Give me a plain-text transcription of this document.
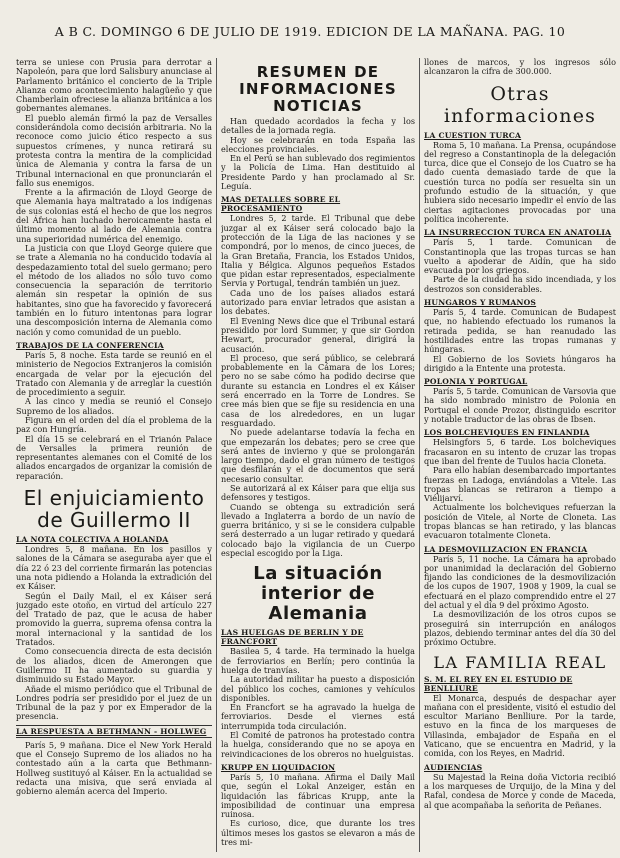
A B C. DOMINGO 6 DE JULIO DE 1919. EDICION DE LA MAÑANA. PAG. 10

terra se uniese con Prusia para derrotar a Napoleón, para que lord Salisbury anunciase al Parlamento británico el concierto de la Triple Alianza como acontecimiento halagüeño y que Chamberlain ofreciese la alianza británica a los gobernantes alemanes.

El pueblo alemán firmó la paz de Versalles considerándola como decisión arbitraria. No la reconoce como juicio ético respecto a sus supuestos crímenes, y nunca retirará su protesta contra la mentira de la complicidad única de Alemania y contra la farsa de un Tribunal internacional en que pronunciarán el fallo sus enemigos.

Frente a la afirmación de Lloyd George de que Alemania haya maltratado a los indígenas de sus colonias está el hecho de que los negros del África han luchado heroicamente hasta el último momento al lado de Alemania contra una superioridad numérica del enemigo.

La justicia con que Lloyd George quiere que se trate a Alemania no ha conducido todavía al despedazamiento total del suelo germano; pero el método de los aliados no sólo tuvo como consecuencia la separación de territorio alemán sin respetar la opinión de sus habitantes, sino que ha favorecido y favorecerá también en lo futuro intentonas para lograr una descomposición interna de Alemania como nación y como comunidad de un pueblo.

TRABAJOS DE LA CONFERENCIA

París 5, 8 noche. Esta tarde se reunió en el ministerio de Negocios Extranjeros la comisión encargada de velar por la ejecución del Tratado con Alemania y de arreglar la cuestión de procedimiento a seguir.

A las cinco y media se reunió el Consejo Supremo de los aliados.

Figura en el orden del día el problema de la paz con Hungría.

El día 15 se celebrará en el Trianón Palace de Versalles la primera reunión de representantes alemanes con el Comité de los aliados encargados de organizar la comisión de reparación.

El enjuiciamiento de Guillermo II
LA NOTA COLECTIVA A HOLANDA

Londres 5, 8 mañana. En los pasillos y salones de la Cámara se aseguraba ayer que el día 22 ó 23 del corriente firmarán las potencias una nota pidiendo a Holanda la extradición del ex Káiser.

Según el Daily Mail, el ex Káiser será juzgado este otoño, en virtud del artículo 227 del Tratado de paz, que le acusa de haber promovido la guerra, suprema ofensa contra la moral internacional y la santidad de los Tratados.

Como consecuencia directa de esta decisión de los aliados, dicen de Amerongen que Guillermo II ha aumentado su guardia y disminuido su Estado Mayor.

Añade el mismo periódico que el Tribunal de Londres podría ser presidido por el juez de un Tribunal de la paz y por ex Emperador de la presencia.

LA RESPUESTA A BETHMANN - HOLLWEG

París 5, 9 mañana. Dice el New York Herald que el Consejo Supremo de los aliados no ha contestado aún a la carta que Bethmann-Hollweg sustituyó al Káiser. En la actualidad se redacta una misiva, que será enviada al gobierno alemán acerca del Imperio.

RESUMEN DE INFORMACIONES NOTICIAS

Han quedado acordados la fecha y los detalles de la jornada regia.

Hoy se celebrarán en toda España las elecciones provinciales.

En el Perú se han sublevado dos regimientos y la Policía de Lima. Han destituido al Presidente Pardo y han proclamado al Sr. Leguía.

MAS DETALLES SOBRE EL PROCESAMIENTO

Londres 5, 2 tarde. El Tribunal que debe juzgar al ex Káiser será colocado bajo la protección de la Liga de las naciones y se compondrá, por lo menos, de cinco jueces, de la Gran Bretaña, Francia, los Estados Unidos, Italia y Bélgica. Algunos pequeños Estados que pidan estar representados, especialmente Servia y Portugal, tendrán también un juez.

Cada uno de los países aliados estará autorizado para enviar letrados que asistan a los debates.

El Evening News dice que el Tribunal estará presidido por lord Summer, y que sir Gordon Hewart, procurador general, dirigirá la acusación.

El proceso, que será público, se celebrará probablemente en la Cámara de los Lores; pero no se sabe cómo ha podido decirse que durante su estancia en Londres el ex Káiser será encerrado en la Torre de Londres. Se cree más bien que se fije su residencia en una casa de los alrededores, en un lugar resguardado.

No puede adelantarse todavía la fecha en que empezarán los debates; pero se cree que será antes de invierno y que se prolongarán largo tiempo, dado el gran número de testigos que desfilarán y el de documentos que será necesario consultar.

Se autorizará al ex Káiser para que elija sus defensores y testigos.

Cuando se obtenga su extradición será llevado a Inglaterra a bordo de un navío de guerra británico, y si se le considera culpable será desterrado a un lugar retirado y quedará colocado bajo la vigilancia de un Cuerpo especial escogido por la Liga.

La situación interior de Alemania
LAS HUELGAS DE BERLIN Y DE FRANCFORT

Basilea 5, 4 tarde. Ha terminado la huelga de ferroviarios en Berlín; pero continúa la huelga de tranvías.

La autoridad militar ha puesto a disposición del público los coches, camiones y vehículos disponibles.

En Francfort se ha agravado la huelga de ferroviarios. Desde el viernes está interrumpida toda circulación.

El Comité de patronos ha protestado contra la huelga, considerando que no se apoya en reivindicaciones de los obreros no huelguistas.

KRUPP EN LIQUIDACION

París 5, 10 mañana. Afirma el Daily Mail que, según el Lokal Anzeiger, están en liquidación las fábricas Krupp, ante la imposibilidad de continuar una empresa ruinosa.

Es curioso, dice, que durante los tres últimos meses los gastos se elevaron a más de tres mi-

llones de marcos, y los ingresos sólo alcanzaron la cifra de 300.000.

Otras informaciones
LA CUESTION TURCA

Roma 5, 10 mañana. La Prensa, ocupándose del regreso a Constantinopla de la delegación turca, dice que el Consejo de los Cuatro se ha dado cuenta demasiado tarde de que la cuestión turca no podía ser resuelta sin un profundo estudio de la situación, y que hubiera sido necesario impedir el envío de las ciertas agitaciones provocadas por una política incoherente.

LA INSURRECCION TURCA EN ANATOLIA

París 5, 1 tarde. Comunican de Constantinopla que las tropas turcas se han vuelto a apoderar de Aidín, que ha sido evacuada por los griegos.

Parte de la ciudad ha sido incendiada, y los destrozos son considerables.

HUNGAROS Y RUMANOS

París 5, 4 tarde. Comunican de Budapest que, no habiendo efectuado los rumanos la retirada pedida, se han reanudado las hostilidades entre las tropas rumanas y húngaras.

El Gobierno de los Soviets húngaros ha dirigido a la Entente una protesta.

POLONIA Y PORTUGAL

París 5, 5 tarde. Comunican de Varsovia que ha sido nombrado ministro de Polonia en Portugal el conde Prozor, distinguido escritor y notable traductor de las obras de Ibsen.

LOS BOLCHEVIQUES EN FINLANDIA

Helsingfors 5, 6 tarde. Los bolcheviques fracasaron en su intento de cruzar las tropas que iban del frente de Tuulos hacia Cloneta.

Para ello habían desembarcado importantes fuerzas en Ladoga, enviándolas a Vitele. Las tropas blancas se retiraron a tiempo a Viélijarví.

Actualmente los bolcheviques refuerzan la posición de Vitele, al Norte de Cloneta. Las tropas blancas se han retirado, y las blancas evacuaron totalmente Cloneta.

LA DESMOVILIZACION EN FRANCIA

París 5, 11 noche. La Cámara ha aprobado por unanimidad la declaración del Gobierno fijando las condiciones de la desmovilización de los cupos de 1907, 1908 y 1909, la cual se efectuará en el plazo comprendido entre el 27 del actual y el día 9 del próximo Agosto.

La desmovilización de los otros cupos se proseguirá sin interrupción en análogos plazos, debiendo terminar antes del día 30 del próximo Octubre.

LA FAMILIA REAL
S. M. EL REY EN EL ESTUDIO DE BENLLIURE

El Monarca, después de despachar ayer mañana con el presidente, visitó el estudio del escultor Mariano Benlliure. Por la tarde, estuvo en la finca de los marqueses de Villasinda, embajador de España en el Vaticano, que se encuentra en Madrid, y la comida, con los Reyes, en Madrid.

AUDIENCIAS

Su Majestad la Reina doña Victoria recibió a los marqueses de Urquijo, de la Mina y del Rafal, condesa de Morce y conde de Maceda, al que acompañaba la señorita de Peñanes.
